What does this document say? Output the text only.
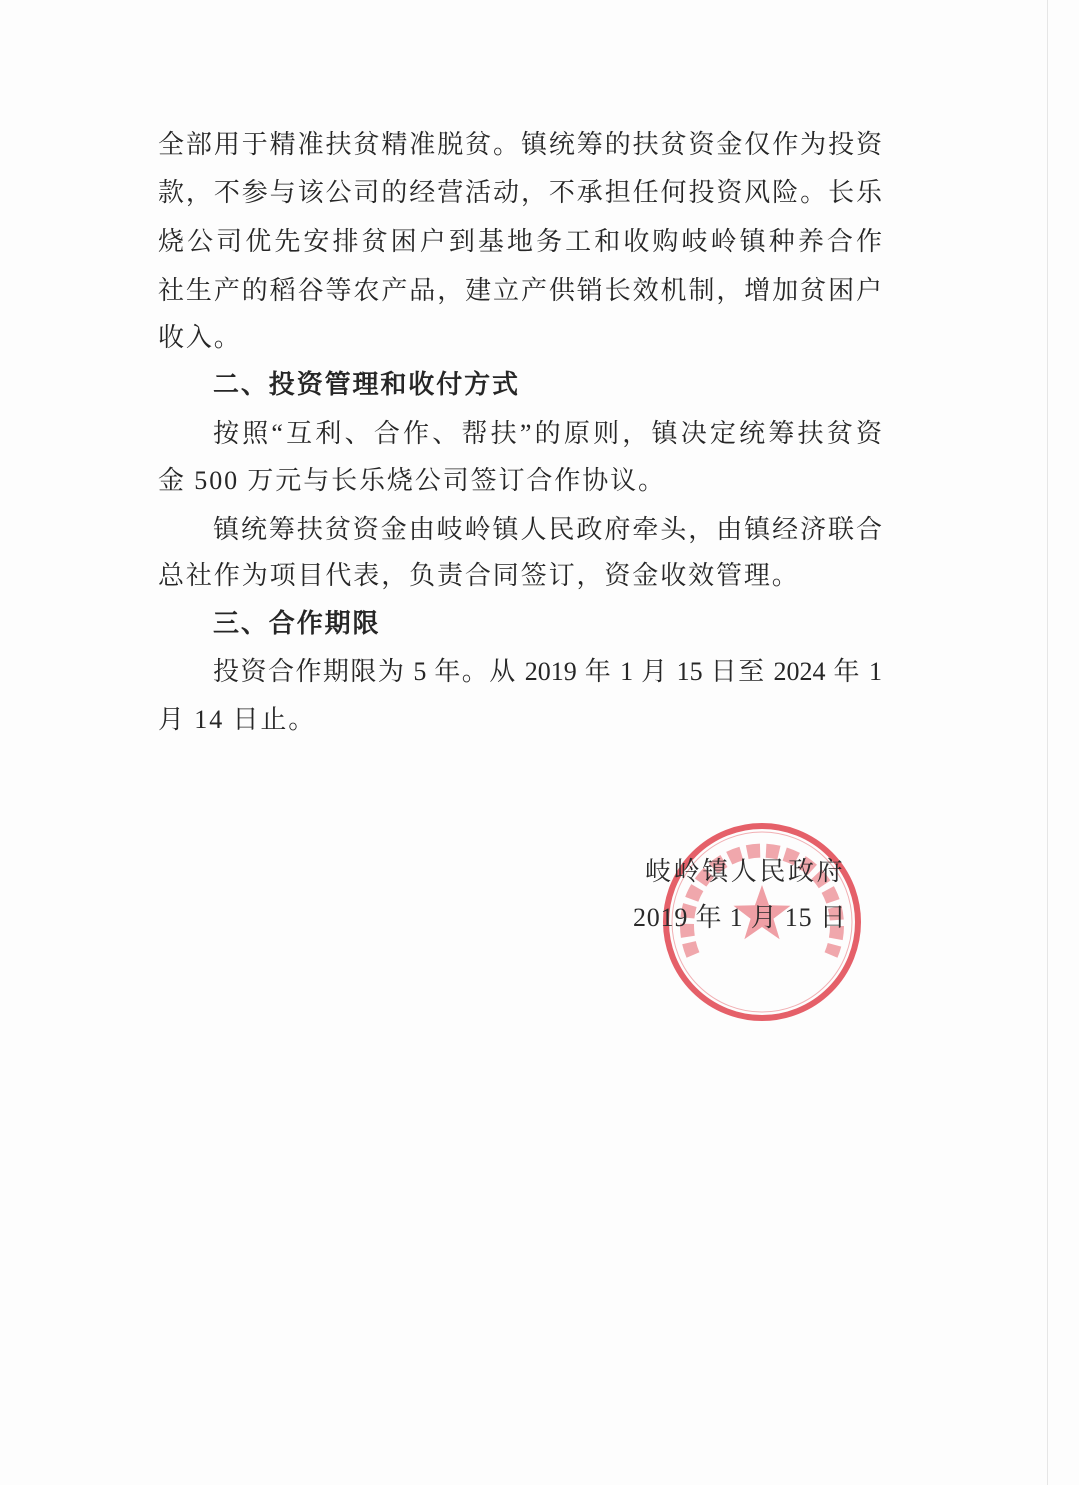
全部用于精准扶贫精准脱贫。镇统筹的扶贫资金仅作为投资
款，不参与该公司的经营活动，不承担任何投资风险。长乐
烧公司优先安排贫困户到基地务工和收购岐岭镇种养合作
社生产的稻谷等农产品，建立产供销长效机制，增加贫困户
收入。
二、投资管理和收付方式
按照“互利、合作、帮扶”的原则，镇决定统筹扶贫资
金 500 万元与长乐烧公司签订合作协议。
镇统筹扶贫资金由岐岭镇人民政府牵头，由镇经济联合
总社作为项目代表，负责合同签订，资金收效管理。
三、合作期限
投资合作期限为 5 年。从 2019 年 1 月 15 日至 2024 年 1
月 14 日止。
岐岭镇人民政府
2019 年 1 月 15 日
